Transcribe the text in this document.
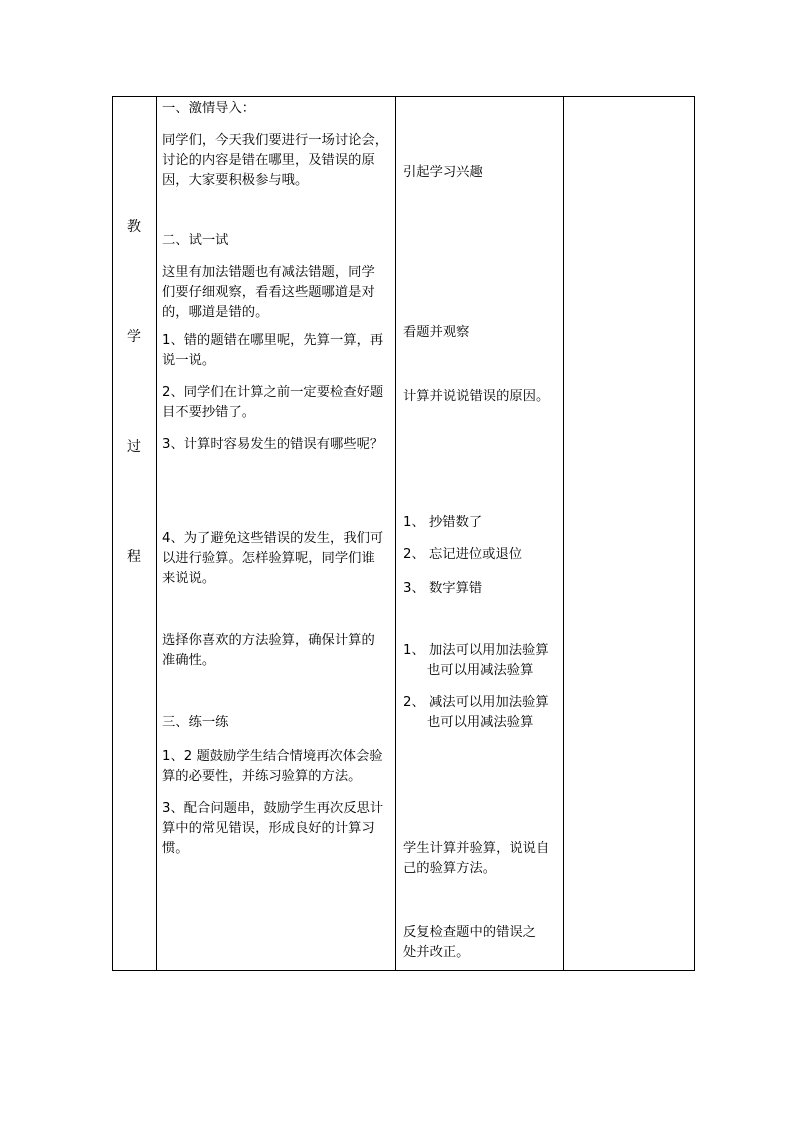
教
学
过
程
一、激情导入：
同学们，今天我们要进行一场讨论会，
讨论的内容是错在哪里，及错误的原
因，大家要积极参与哦。
二、试一试
这里有加法错题也有减法错题，同学
们要仔细观察，看看这些题哪道是对
的，哪道是错的。
1、错的题错在哪里呢，先算一算，再
说一说。
2、同学们在计算之前一定要检查好题
目不要抄错了。
3、计算时容易发生的错误有哪些呢？
4、为了避免这些错误的发生，我们可
以进行验算。怎样验算呢，同学们谁
来说说。
选择你喜欢的方法验算，确保计算的
准确性。
三、练一练
1、2 题鼓励学生结合情境再次体会验
算的必要性，并练习验算的方法。
3、配合问题串，鼓励学生再次反思计
算中的常见错误，形成良好的计算习
惯。
引起学习兴趣
看题并观察
计算并说说错误的原因。
1、 抄错数了
2、 忘记进位或退位
3、 数字算错
1、 加法可以用加法验算
也可以用减法验算
2、 减法可以用加法验算
也可以用减法验算
学生计算并验算，说说自
己的验算方法。
反复检查题中的错误之
处并改正。
